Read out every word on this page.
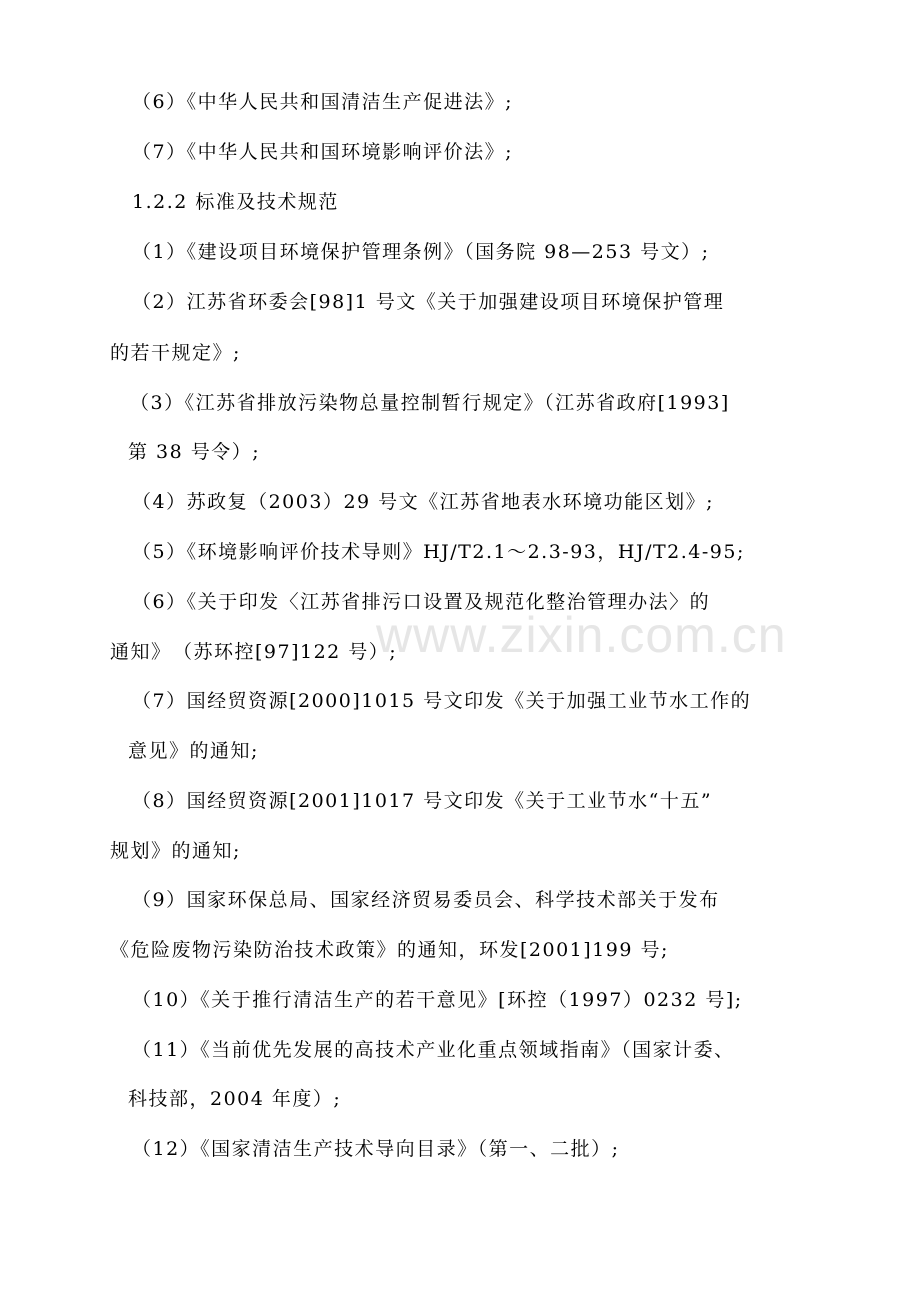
www.zixin.com.cn
（6）《中华人民共和国清洁生产促进法》;
（7）《中华人民共和国环境影响评价法》;
1.2.2 标准及技术规范
（1）《建设项目环境保护管理条例》（国务院 98—253 号文）;
（2）江苏省环委会[98]1 号文《关于加强建设项目环境保护管理
的若干规定》;
（3）《江苏省排放污染物总量控制暂行规定》（江苏省政府[1993]
第 38 号令）;
（4）苏政复（2003）29 号文《江苏省地表水环境功能区划》;
（5）《环境影响评价技术导则》HJ/T2.1～2.3-93，HJ/T2.4-95;
（6）《关于印发〈江苏省排污口设置及规范化整治管理办法〉的
通知》　（苏环控[97]122 号）;
（7）国经贸资源[2000]1015 号文印发《关于加强工业节水工作的
意见》的通知;
（8）国经贸资源[2001]1017 号文印发《关于工业节水“十五”
规划》的通知;
（9）国家环保总局、国家经济贸易委员会、科学技术部关于发布
《危险废物污染防治技术政策》的通知，环发[2001]199 号;
（10）《关于推行清洁生产的若干意见》[环控（1997）0232 号];
（11）《当前优先发展的高技术产业化重点领域指南》（国家计委、
科技部，2004 年度）;
（12）《国家清洁生产技术导向目录》（第一、二批）;
